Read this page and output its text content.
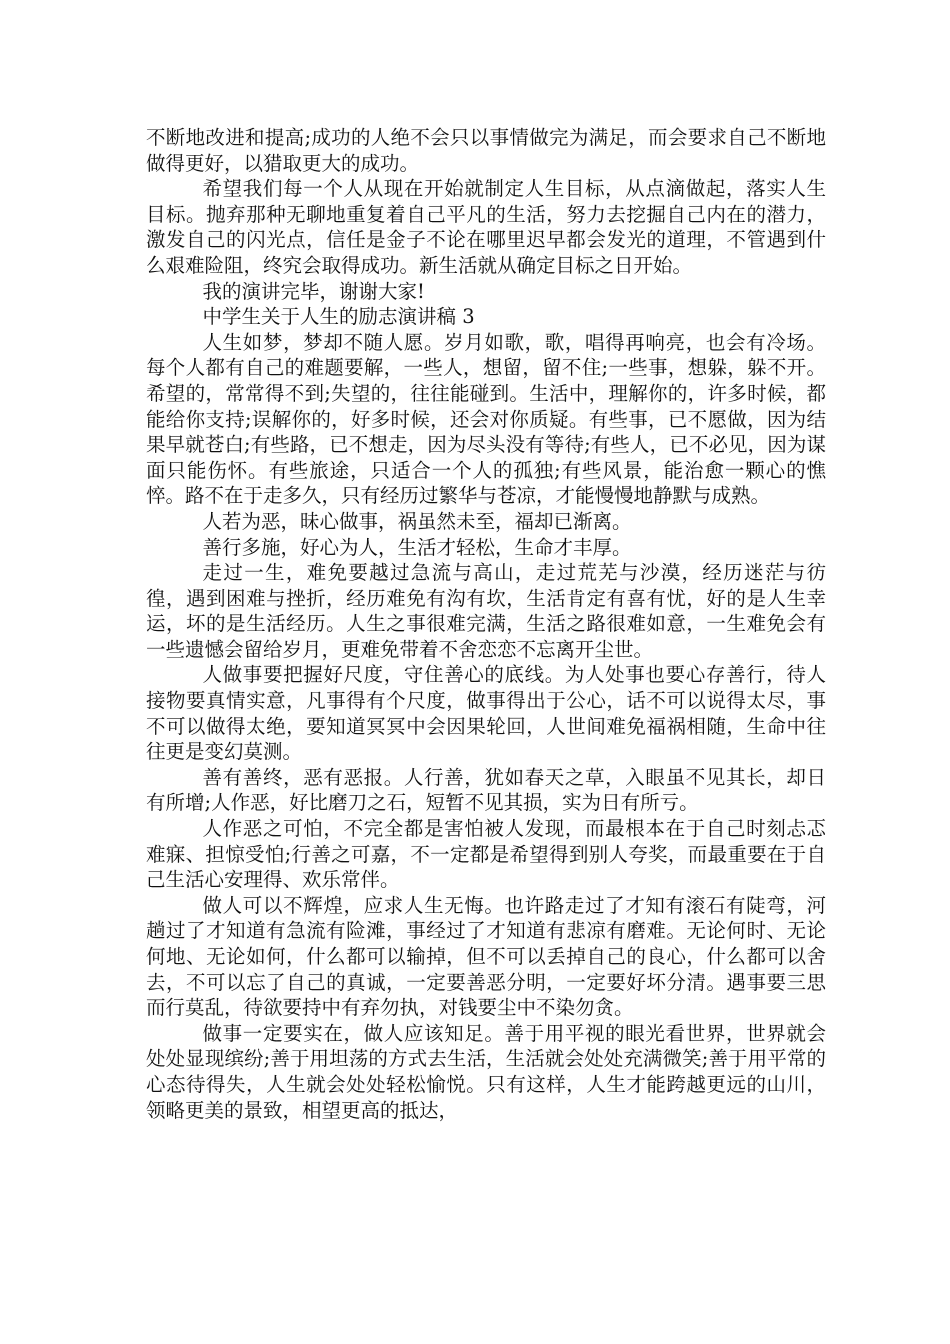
不断地改进和提高;成功的人绝不会只以事情做完为满足，而会要求自己不断地做得更好，以猎取更大的成功。

希望我们每一个人从现在开始就制定人生目标，从点滴做起，落实人生目标。抛弃那种无聊地重复着自己平凡的生活，努力去挖掘自己内在的潜力，激发自己的闪光点，信任是金子不论在哪里迟早都会发光的道理，不管遇到什么艰难险阻，终究会取得成功。新生活就从确定目标之日开始。

我的演讲完毕，谢谢大家!

中学生关于人生的励志演讲稿 3

人生如梦，梦却不随人愿。岁月如歌，歌，唱得再响亮，也会有冷场。每个人都有自己的难题要解，一些人，想留，留不住;一些事，想躲，躲不开。希望的，常常得不到;失望的，往往能碰到。生活中，理解你的，许多时候，都能给你支持;误解你的，好多时候，还会对你质疑。有些事，已不愿做，因为结果早就苍白;有些路，已不想走，因为尽头没有等待;有些人，已不必见，因为谋面只能伤怀。有些旅途，只适合一个人的孤独;有些风景，能治愈一颗心的憔悴。路不在于走多久，只有经历过繁华与苍凉，才能慢慢地静默与成熟。

人若为恶，昧心做事，祸虽然未至，福却已渐离。

善行多施，好心为人，生活才轻松，生命才丰厚。

走过一生，难免要越过急流与高山，走过荒芜与沙漠，经历迷茫与彷徨，遇到困难与挫折，经历难免有沟有坎，生活肯定有喜有忧，好的是人生幸运，坏的是生活经历。人生之事很难完满，生活之路很难如意，一生难免会有一些遗憾会留给岁月，更难免带着不舍恋恋不忘离开尘世。

人做事要把握好尺度，守住善心的底线。为人处事也要心存善行，待人接物要真情实意，凡事得有个尺度，做事得出于公心，话不可以说得太尽，事不可以做得太绝，要知道冥冥中会因果轮回，人世间难免福祸相随，生命中往往更是变幻莫测。

善有善终，恶有恶报。人行善，犹如春天之草，入眼虽不见其长，却日有所增;人作恶，好比磨刀之石，短暂不见其损，实为日有所亏。

人作恶之可怕，不完全都是害怕被人发现，而最根本在于自己时刻忐忑难寐、担惊受怕;行善之可嘉，不一定都是希望得到别人夸奖，而最重要在于自己生活心安理得、欢乐常伴。

做人可以不辉煌，应求人生无悔。也许路走过了才知有滚石有陡弯，河趟过了才知道有急流有险滩，事经过了才知道有悲凉有磨难。无论何时、无论何地、无论如何，什么都可以输掉，但不可以丢掉自己的良心，什么都可以舍去，不可以忘了自己的真诚，一定要善恶分明，一定要好坏分清。遇事要三思而行莫乱，待欲要持中有弃勿执，对钱要尘中不染勿贪。

做事一定要实在，做人应该知足。善于用平视的眼光看世界，世界就会处处显现缤纷;善于用坦荡的方式去生活，生活就会处处充满微笑;善于用平常的心态待得失，人生就会处处轻松愉悦。只有这样，人生才能跨越更远的山川，领略更美的景致，相望更高的抵达，
